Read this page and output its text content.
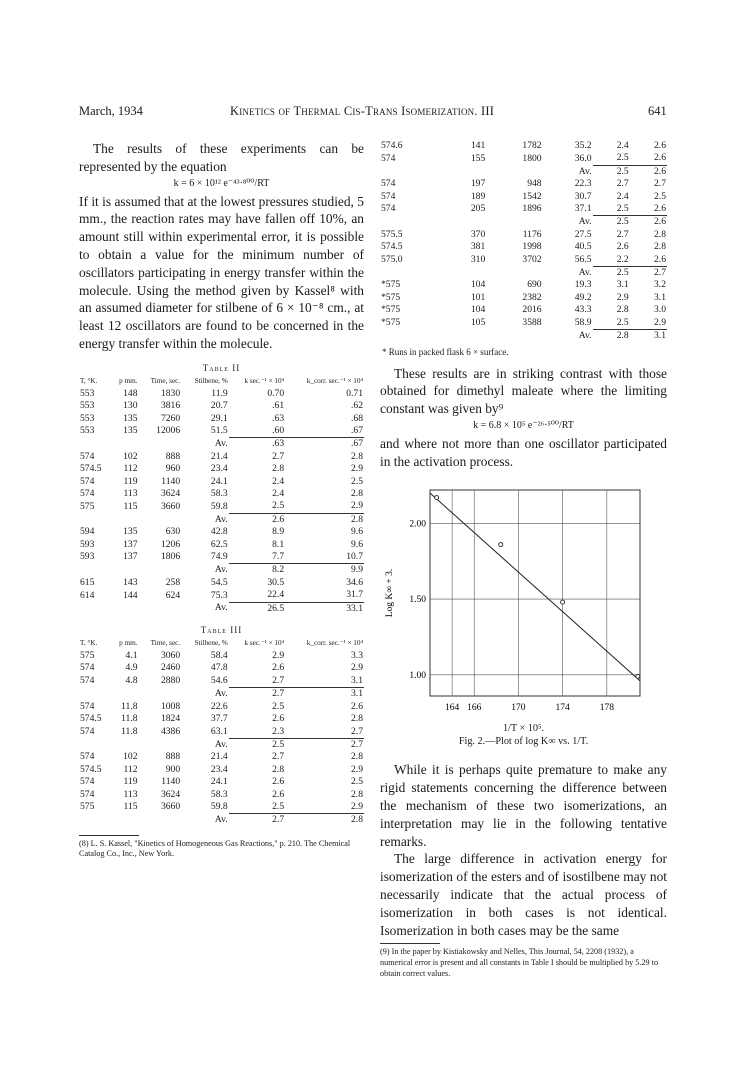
March, 1934	Kinetics of Thermal Cis-Trans Isomerization. III	641

The results of these experiments can be represented by the equation

k = 6 × 10¹² e⁻⁴³·⁸⁰⁰/RT

If it is assumed that at the lowest pressures studied, 5 mm., the reaction rates may have fallen off 10%, an amount still within experimental error, it is possible to obtain a value for the minimum number of oscillators participating in energy transfer within the molecule. Using the method given by Kassel⁸ with an assumed diameter for stilbene of 6 × 10⁻⁸ cm., at least 12 oscillators are found to be concerned in the energy transfer within the molecule.

Table II
T, °K.	p mm.	Time, sec.	Stilbene, %	k sec.⁻¹ × 10⁴	k_corr. sec.⁻¹ × 10⁴
553	148	1830	11.9	0.70	0.71
553	130	3816	20.7	.61	.62
553	135	7260	29.1	.63	.68
553	135	12006	51.5	.60	.67
			Av.	.63	.67
574	102	888	21.4	2.7	2.8
574.5	112	960	23.4	2.8	2.9
574	119	1140	24.1	2.4	2.5
574	113	3624	58.3	2.4	2.8
575	115	3660	59.8	2.5	2.9
			Av.	2.6	2.8
594	135	630	42.8	8.9	9.6
593	137	1206	62.5	8.1	9.6
593	137	1806	74.9	7.7	10.7
			Av.	8.2	9.9
615	143	258	54.5	30.5	34.6
614	144	624	75.3	22.4	31.7
			Av.	26.5	33.1
Table III
T, °K.	p mm.	Time, sec.	Stilbene, %	k sec.⁻¹ × 10⁴	k_corr. sec.⁻¹ × 10⁴
575	4.1	3060	58.4	2.9	3.3
574	4.9	2460	47.8	2.6	2.9
574	4.8	2880	54.6	2.7	3.1
			Av.	2.7	3.1
574	11.8	1008	22.6	2.5	2.6
574.5	11.8	1824	37.7	2.6	2.8
574	11.8	4386	63.1	2.3	2.7
			Av.	2.5	2.7
574	102	888	21.4	2.7	2.8
574.5	112	900	23.4	2.8	2.9
574	119	1140	24.1	2.6	2.5
574	113	3624	58.3	2.6	2.8
575	115	3660	59.8	2.5	2.9
			Av.	2.7	2.8

(8) L. S. Kassel, "Kinetics of Homogeneous Gas Reactions," p. 210. The Chemical Catalog Co., Inc., New York.

574.6	141	1782	35.2	2.4	2.6
574	155	1800	36.0	2.5	2.6
			Av.	2.5	2.6
574	197	948	22.3	2.7	2.7
574	189	1542	30.7	2.4	2.5
574	205	1896	37.1	2.5	2.6
			Av.	2.5	2.6
575.5	370	1176	27.5	2.7	2.8
574.5	381	1998	40.5	2.6	2.8
575.0	310	3702	56.5	2.2	2.6
			Av.	2.5	2.7
*575	104	690	19.3	3.1	3.2
*575	101	2382	49.2	2.9	3.1
*575	104	2016	43.3	2.8	3.0
*575	105	3588	58.9	2.5	2.9
			Av.	2.8	3.1
* Runs in packed flask 6 × surface.

These results are in striking contrast with those obtained for dimethyl maleate where the limiting constant was given by⁹

k = 6.8 × 10⁵ e⁻²⁶·⁵⁰⁰/RT

and where not more than one oscillator participated in the activation process.

164 166	170	174	178
1.00
1.50
2.00
Log K∞ + 3.
1/T × 10⁵.
Fig. 2.—Plot of log K∞ vs. 1/T.

While it is perhaps quite premature to make any rigid statements concerning the difference between the mechanism of these two isomerizations, an interpretation may lie in the following tentative remarks.

The large difference in activation energy for isomerization of the esters and of isostilbene may not necessarily indicate that the actual process of isomerization in both cases is not identical. Isomerization in both cases may be the same

(9) In the paper by Kistiakowsky and Nelles, This Journal, 54, 2208 (1932), a numerical error is present and all constants in Table I should be multiplied by 5.29 to obtain correct values.
